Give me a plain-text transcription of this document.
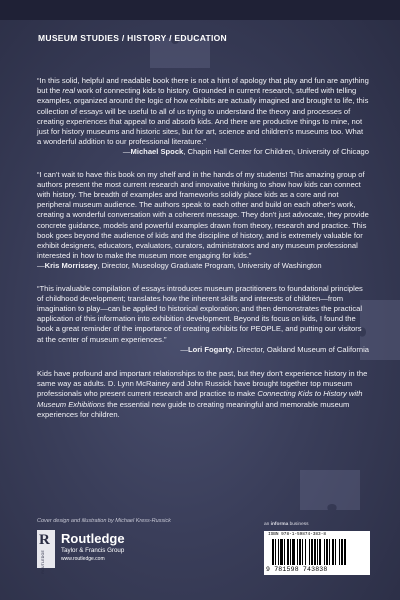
MUSEUM STUDIES / HISTORY / EDUCATION

“In this solid, helpful and readable book there is not a hint of apology that play and fun are anything but the real work of connecting kids to history. Grounded in current research, stuffed with telling examples, organized around the logic of how exhibits are actually imagined and brought to life, this collection of essays will be useful to all of us trying to understand the theory and processes of creating experiences that appeal to and absorb kids. And there are productive things to mine, not just for history museums and historic sites, but for art, science and children’s museums too. What a wonderful addition to our professional literature.”

—Michael Spock, Chapin Hall Center for Children, University of Chicago

“I can't wait to have this book on my shelf and in the hands of my students! This amazing group of authors present the most current research and innovative thinking to show how kids can connect with history. The breadth of examples and frameworks solidly place kids as a core and not peripheral museum audience. The authors speak to each other and build on each other's work, creating a wonderful conversation with a coherent message. They don't just advocate, they provide concrete guidance, models and powerful examples drawn from theory, research and practice. This book goes beyond the audience of kids and the discipline of history, and is extremely valuable for exhibit designers, educators, evaluators, curators, administrators and any museum professional interested in how to make the museum more engaging for kids.”

—Kris Morrissey, Director, Museology Graduate Program, University of Washington

“This invaluable compilation of essays introduces museum practitioners to foundational principles of childhood development; translates how the inherent skills and interests of children—from imagination to play—can be applied to historical exploration; and then demonstrates the practical application of this information into exhibition development. Beyond its focus on kids, I found the book a great reminder of the importance of creating exhibits for PEOPLE, and putting our visitors at the center of museum experiences.”

—Lori Fogarty, Director, Oakland Museum of California

Kids have profound and important relationships to the past, but they don't experience history in the same way as adults. D. Lynn McRainey and John Russick have brought together top museum professionals who present current research and practice to make Connecting Kids to History with Museum Exhibitions the essential new guide to creating meaningful and memorable museum experiences for children.

Cover design and illustration by Michael Kress-Russick
R
ROUTLEDGE
Routledge
Taylor & Francis Group
www.routledge.com
an informa business
ISBN 978-1-59874-383-8
9 781598 743838
